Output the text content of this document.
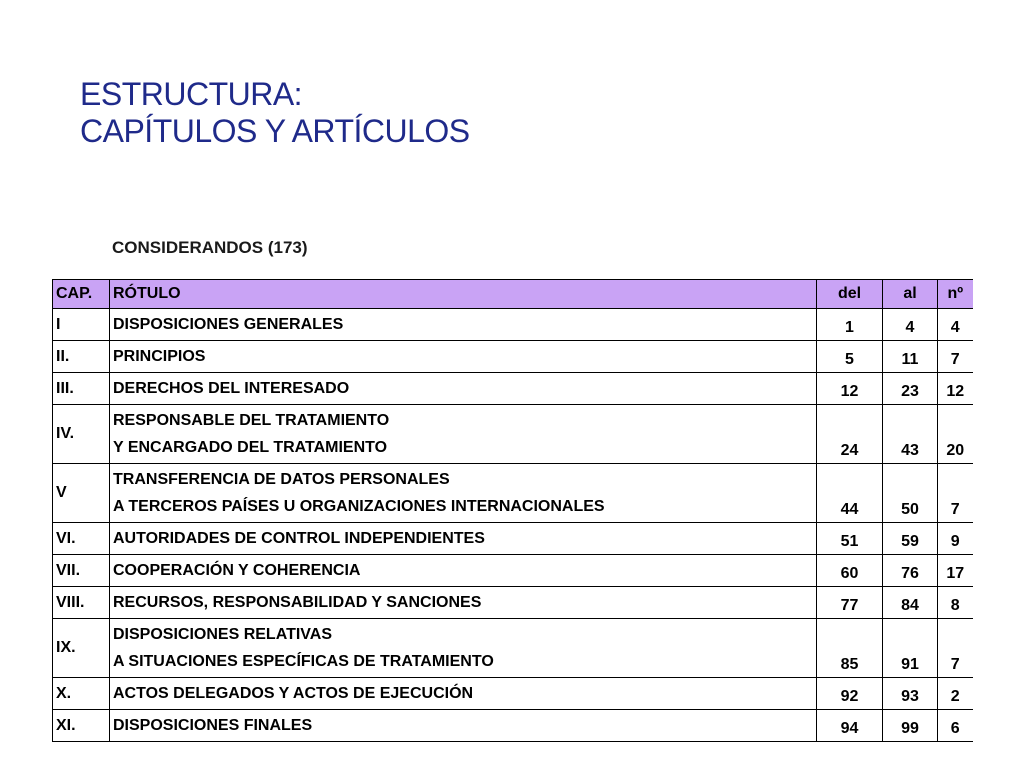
ESTRUCTURA:
CAPÍTULOS Y ARTÍCULOS
CONSIDERANDOS (173)
CAP.	RÓTULO	del	al	nº
I	DISPOSICIONES GENERALES	1	4	4
II.	PRINCIPIOS	5	11	7
III.	DERECHOS DEL INTERESADO	12	23	12
IV.	RESPONSABLE DEL TRATAMIENTO
Y ENCARGADO DEL TRATAMIENTO	24	43	20
V	TRANSFERENCIA DE DATOS PERSONALES
A TERCEROS PAÍSES U ORGANIZACIONES INTERNACIONALES	44	50	7
VI.	AUTORIDADES DE CONTROL INDEPENDIENTES	51	59	9
VII.	COOPERACIÓN Y COHERENCIA	60	76	17
VIII.	RECURSOS, RESPONSABILIDAD Y SANCIONES	77	84	8
IX.	DISPOSICIONES RELATIVAS
A SITUACIONES ESPECÍFICAS DE TRATAMIENTO	85	91	7
X.	ACTOS DELEGADOS Y ACTOS DE EJECUCIÓN	92	93	2
XI.	DISPOSICIONES FINALES	94	99	6
